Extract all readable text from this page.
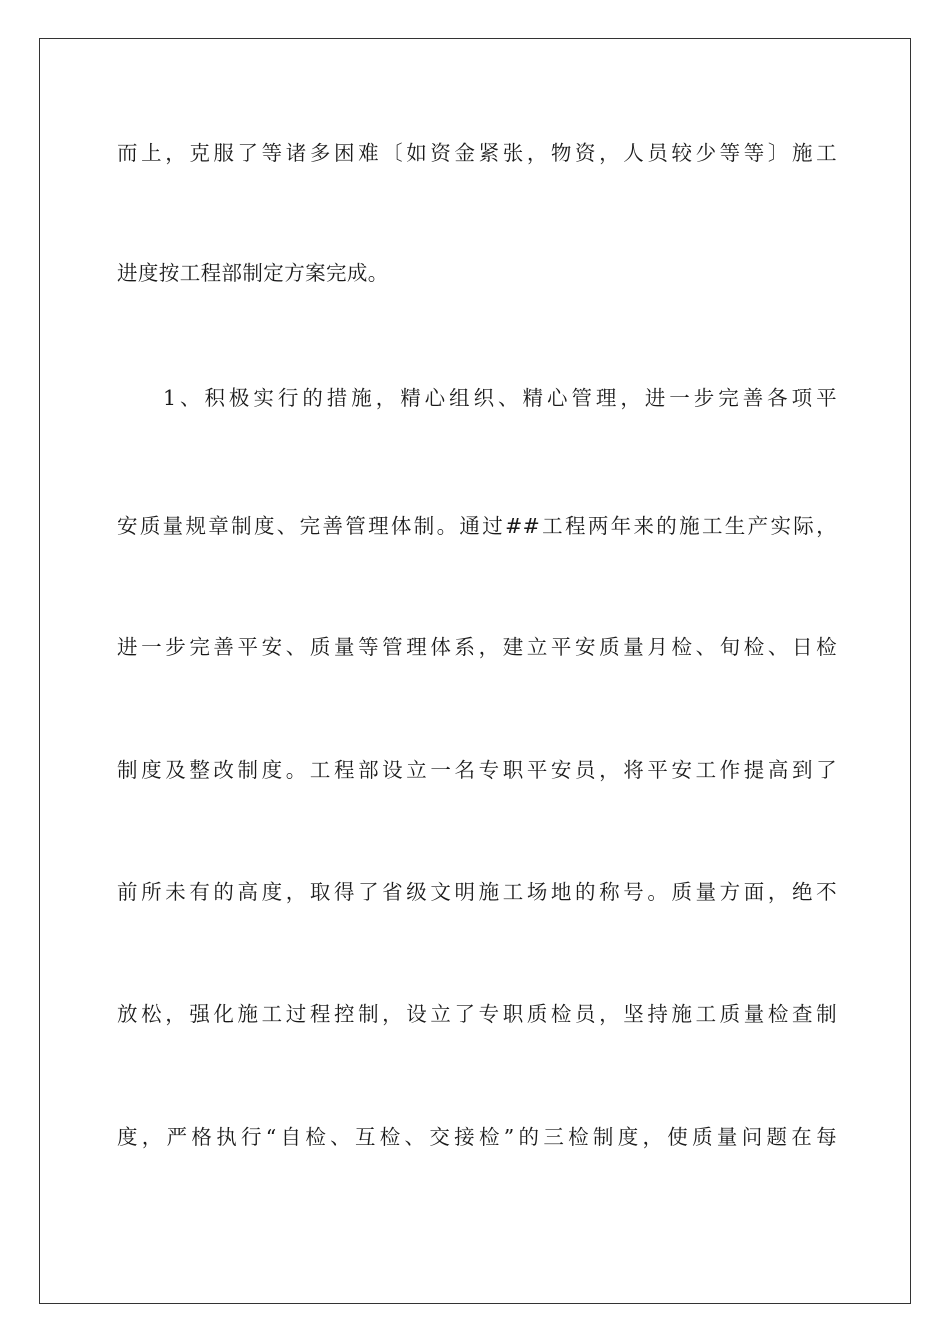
而上，克服了等诸多困难〔如资金紧张，物资，人员较少等等〕施工
进度按工程部制定方案完成。
1、积极实行的措施，精心组织、精心管理，进一步完善各项平
安质量规章制度、完善管理体制。通过##工程两年来的施工生产实际，
进一步完善平安、质量等管理体系，建立平安质量月检、旬检、日检
制度及整改制度。工程部设立一名专职平安员，将平安工作提高到了
前所未有的高度，取得了省级文明施工场地的称号。质量方面，绝不
放松，强化施工过程控制，设立了专职质检员，坚持施工质量检查制
度，严格执行“自检、互检、交接检”的三检制度，使质量问题在每
